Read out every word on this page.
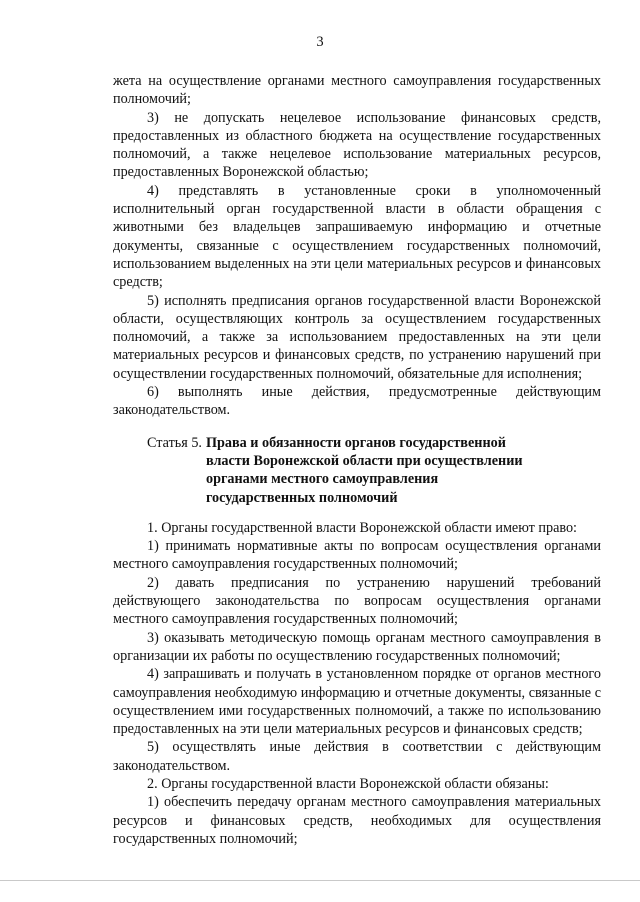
3

жета на осуществление органами местного самоуправления государственных полномочий;

3) не допускать нецелевое использование финансовых средств, предоставленных из областного бюджета на осуществление государственных полномочий, а также нецелевое использование материальных ресурсов, предоставленных Воронежской областью;

4) представлять в установленные сроки в уполномоченный исполнительный орган государственной власти в области обращения с животными без владельцев запрашиваемую информацию и отчетные документы, связанные с осуществлением государственных полномочий, использованием выделенных на эти цели материальных ресурсов и финансовых средств;

5) исполнять предписания органов государственной власти Воронежской области, осуществляющих контроль за осуществлением государственных полномочий, а также за использованием предоставленных на эти цели материальных ресурсов и финансовых средств, по устранению нарушений при осуществлении государственных полномочий, обязательные для исполнения;

6) выполнять иные действия, предусмотренные действующим законодательством.

Статья 5. Права и обязанности органов государственной власти Воронежской области при осуществлении органами местного самоуправления государственных полномочий

1. Органы государственной власти Воронежской области имеют право:

1) принимать нормативные акты по вопросам осуществления органами местного самоуправления государственных полномочий;

2) давать предписания по устранению нарушений требований действующего законодательства по вопросам осуществления органами местного самоуправления государственных полномочий;

3) оказывать методическую помощь органам местного самоуправления в организации их работы по осуществлению государственных полномочий;

4) запрашивать и получать в установленном порядке от органов местного самоуправления необходимую информацию и отчетные документы, связанные с осуществлением ими государственных полномочий, а также по использованию предоставленных на эти цели материальных ресурсов и финансовых средств;

5) осуществлять иные действия в соответствии с действующим законодательством.

2. Органы государственной власти Воронежской области обязаны:

1) обеспечить передачу органам местного самоуправления материальных ресурсов и финансовых средств, необходимых для осуществления государственных полномочий;
